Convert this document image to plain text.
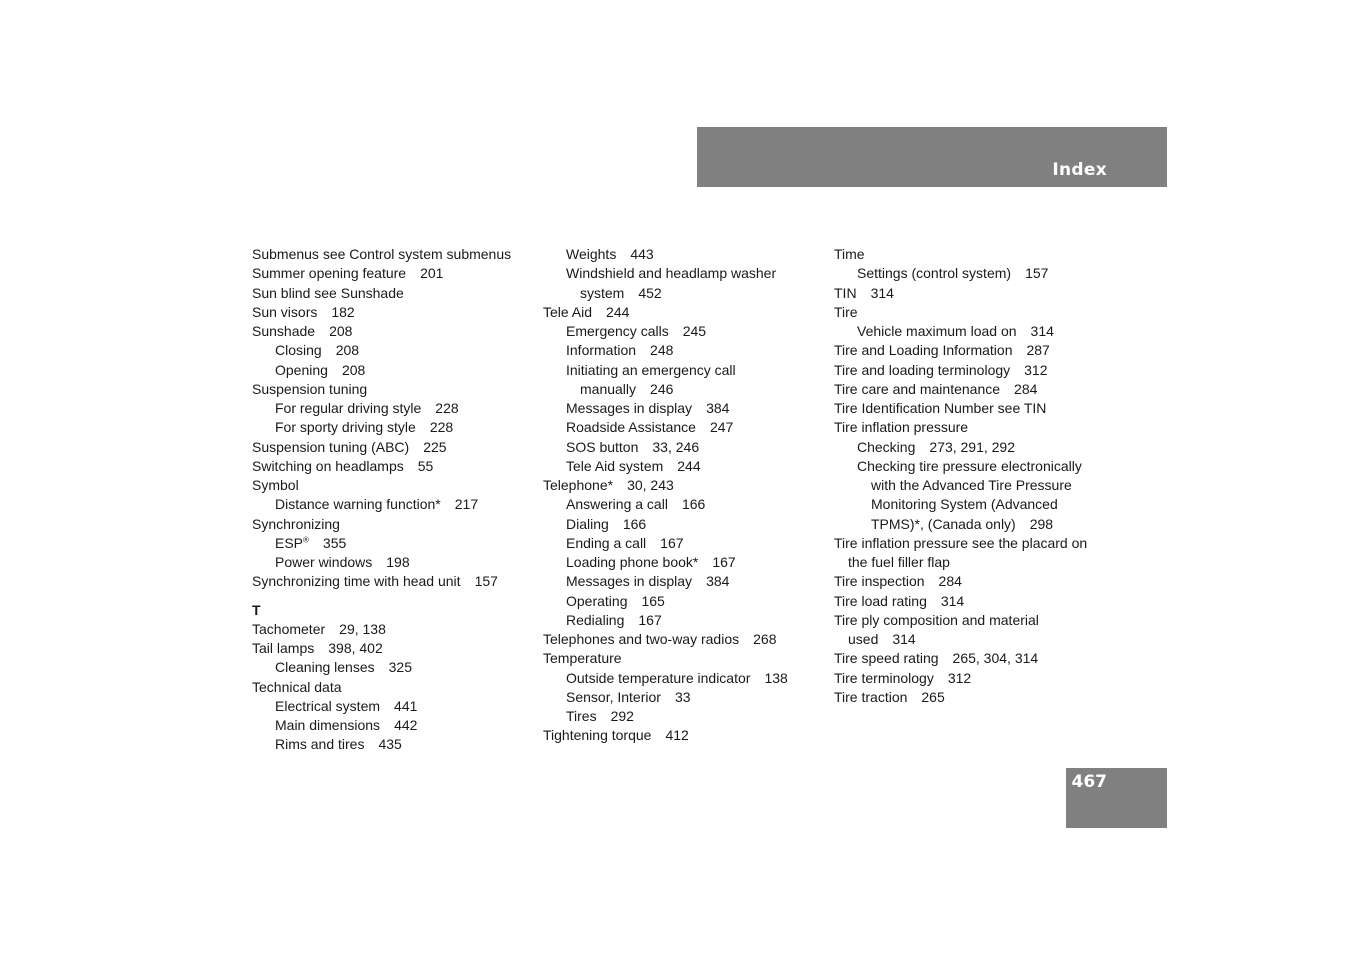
Index
Submenus see Control system submenus
Summer opening feature 201
Sun blind see Sunshade
Sun visors 182
Sunshade 208
Closing 208
Opening 208
Suspension tuning
For regular driving style 228
For sporty driving style 228
Suspension tuning (ABC) 225
Switching on headlamps 55
Symbol
Distance warning function* 217
Synchronizing
ESP® 355
Power windows 198
Synchronizing time with head unit 157
T
Tachometer 29, 138
Tail lamps 398, 402
Cleaning lenses 325
Technical data
Electrical system 441
Main dimensions 442
Rims and tires 435
Weights 443
Windshield and headlamp washer
system 452
Tele Aid 244
Emergency calls 245
Information 248
Initiating an emergency call
manually 246
Messages in display 384
Roadside Assistance 247
SOS button 33, 246
Tele Aid system 244
Telephone* 30, 243
Answering a call 166
Dialing 166
Ending a call 167
Loading phone book* 167
Messages in display 384
Operating 165
Redialing 167
Telephones and two-way radios 268
Temperature
Outside temperature indicator 138
Sensor, Interior 33
Tires 292
Tightening torque 412
Time
Settings (control system) 157
TIN 314
Tire
Vehicle maximum load on 314
Tire and Loading Information 287
Tire and loading terminology 312
Tire care and maintenance 284
Tire Identification Number see TIN
Tire inflation pressure
Checking 273, 291, 292
Checking tire pressure electronically
with the Advanced Tire Pressure
Monitoring System (Advanced
TPMS)*, (Canada only) 298
Tire inflation pressure see the placard on
the fuel filler flap
Tire inspection 284
Tire load rating 314
Tire ply composition and material
used 314
Tire speed rating 265, 304, 314
Tire terminology 312
Tire traction 265
467
